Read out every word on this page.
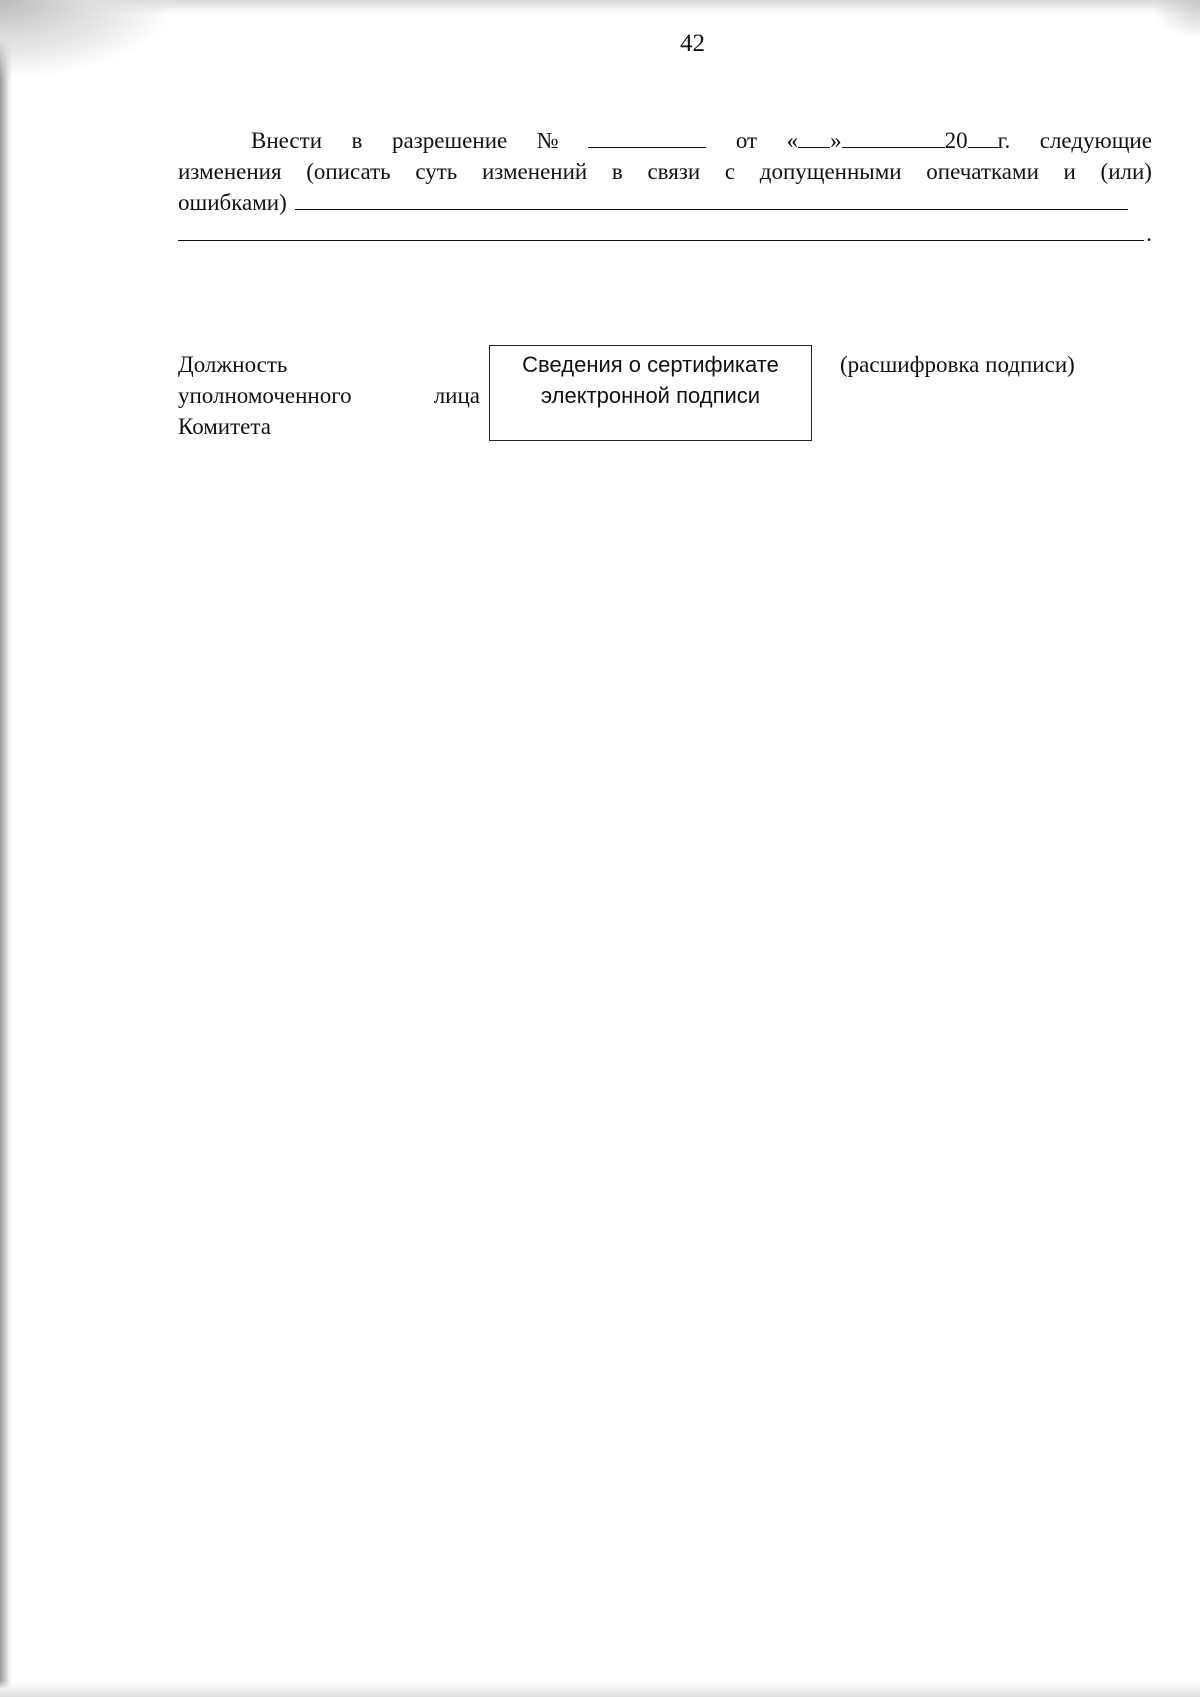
42
Внести в разрешение №	от « »	20 г. следующие
изменения (описать суть изменений в связи с допущенными опечатками и (или)
ошибками)
.
Должность
уполномоченного	лица
Комитета
Сведения о сертификате
электронной подписи
(расшифровка подписи)
